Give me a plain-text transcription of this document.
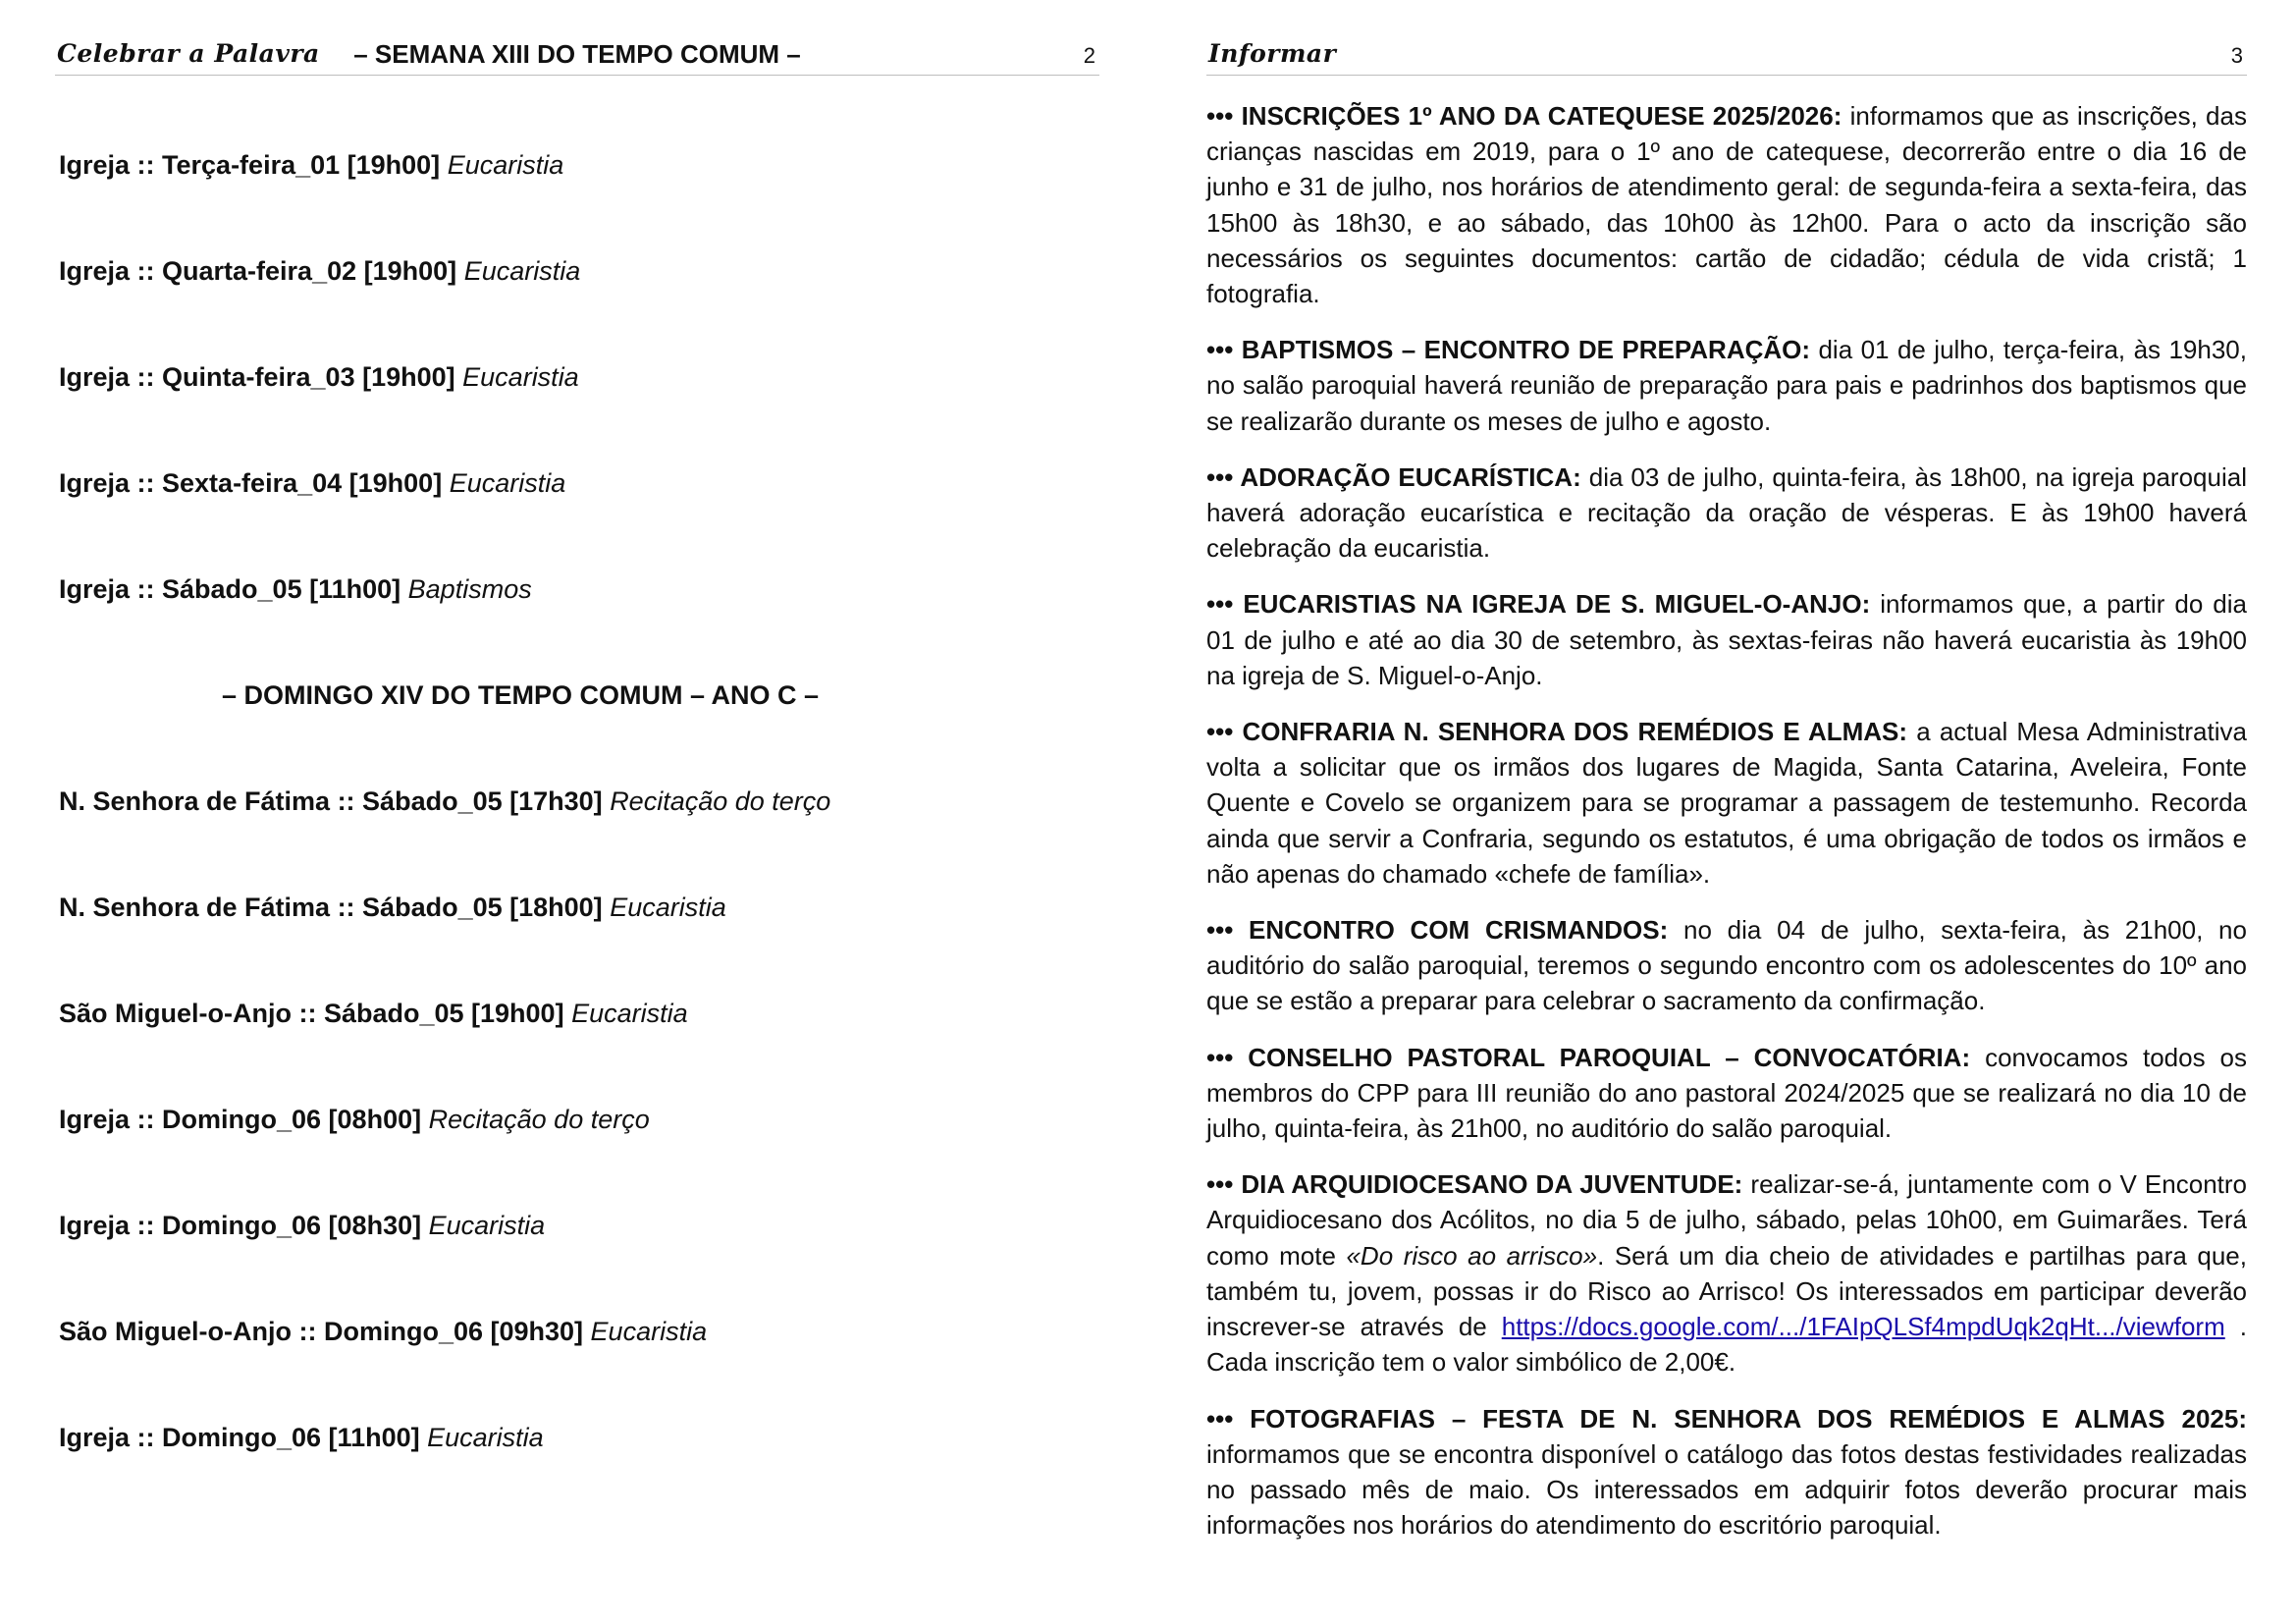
Celebrar a Palavra	– SEMANA XIII DO TEMPO COMUM –	2
Igreja :: Terça-feira_01 [19h00] Eucaristia
Igreja :: Quarta-feira_02 [19h00] Eucaristia
Igreja :: Quinta-feira_03 [19h00] Eucaristia
Igreja :: Sexta-feira_04 [19h00] Eucaristia
Igreja :: Sábado_05 [11h00] Baptismos
– DOMINGO XIV DO TEMPO COMUM – ANO C –
N. Senhora de Fátima :: Sábado_05 [17h30] Recitação do terço
N. Senhora de Fátima :: Sábado_05 [18h00] Eucaristia
São Miguel-o-Anjo :: Sábado_05 [19h00] Eucaristia
Igreja :: Domingo_06 [08h00] Recitação do terço
Igreja :: Domingo_06 [08h30] Eucaristia
São Miguel-o-Anjo :: Domingo_06 [09h30] Eucaristia
Igreja :: Domingo_06 [11h00] Eucaristia
Informar	3
••• INSCRIÇÕES 1º ANO DA CATEQUESE 2025/2026: informamos que as inscrições, das crianças nascidas em 2019, para o 1º ano de catequese, decorrerão entre o dia 16 de junho e 31 de julho, nos horários de atendimento geral: de segunda-feira a sexta-feira, das 15h00 às 18h30, e ao sábado, das 10h00 às 12h00. Para o acto da inscrição são necessários os seguintes documentos: cartão de cidadão; cédula de vida cristã; 1 fotografia.
••• BAPTISMOS – ENCONTRO DE PREPARAÇÃO: dia 01 de julho, terça-feira, às 19h30, no salão paroquial haverá reunião de preparação para pais e padrinhos dos baptismos que se realizarão durante os meses de julho e agosto.
••• ADORAÇÃO EUCARÍSTICA: dia 03 de julho, quinta-feira, às 18h00, na igreja paroquial haverá adoração eucarística e recitação da oração de vésperas. E às 19h00 haverá celebração da eucaristia.
••• EUCARISTIAS NA IGREJA DE S. MIGUEL-O-ANJO: informamos que, a partir do dia 01 de julho e até ao dia 30 de setembro, às sextas-feiras não haverá eucaristia às 19h00 na igreja de S. Miguel-o-Anjo.
••• CONFRARIA N. SENHORA DOS REMÉDIOS E ALMAS: a actual Mesa Administrativa volta a solicitar que os irmãos dos lugares de Magida, Santa Catarina, Aveleira, Fonte Quente e Covelo se organizem para se programar a passagem de testemunho. Recorda ainda que servir a Confraria, segundo os estatutos, é uma obrigação de todos os irmãos e não apenas do chamado «chefe de família».
••• ENCONTRO COM CRISMANDOS: no dia 04 de julho, sexta-feira, às 21h00, no auditório do salão paroquial, teremos o segundo encontro com os adolescentes do 10º ano que se estão a preparar para celebrar o sacramento da confirmação.
••• CONSELHO PASTORAL PAROQUIAL – CONVOCATÓRIA: convocamos todos os membros do CPP para III reunião do ano pastoral 2024/2025 que se realizará no dia 10 de julho, quinta-feira, às 21h00, no auditório do salão paroquial.
••• DIA ARQUIDIOCESANO DA JUVENTUDE: realizar-se-á, juntamente com o V Encontro Arquidiocesano dos Acólitos, no dia 5 de julho, sábado, pelas 10h00, em Guimarães. Terá como mote «Do risco ao arrisco». Será um dia cheio de atividades e partilhas para que, também tu, jovem, possas ir do Risco ao Arrisco! Os interessados em participar deverão inscrever-se através de https://docs.google.com/.../1FAIpQLSf4mpdUqk2qHt.../viewform . Cada inscrição tem o valor simbólico de 2,00€.
••• FOTOGRAFIAS – FESTA DE N. SENHORA DOS REMÉDIOS E ALMAS 2025: informamos que se encontra disponível o catálogo das fotos destas festividades realizadas no passado mês de maio. Os interessados em adquirir fotos deverão procurar mais informações nos horários do atendimento do escritório paroquial.
